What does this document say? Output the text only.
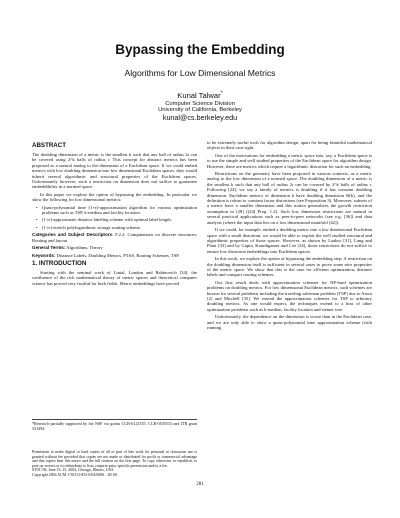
Bypassing the Embedding
Algorithms for Low Dimensional Metrics
Kunal Talwar*
Computer Science Division
University of California, Berkeley
kunal@cs.berkeley.edu
ABSTRACT

The doubling dimension of a metric is the smallest k such that any ball of radius 2r can be covered using 2^k balls of radius r. This concept for abstract metrics has been proposed as a natural analog to the dimension of a Euclidean space. If we could embed metrics with low doubling dimension into low dimensional Euclidean spaces, they would inherit several algorithmic and structural properties of the Euclidean spaces. Unfortunately however, such a restriction on dimension does not suffice to guarantee embeddibility in a normed space.

In this paper we explore the option of bypassing the embedding. In particular we show the following for low dimensional metrics:

• Quasi-polynomial time (1+ε)-approximation algorithm for various optimization problems such as TSP, k-median and facility location.
• (1+ε)-approximate distance labeling scheme with optimal label length.
• (1+ε)-stretch polylogarithmic storage routing scheme.

Categories and Subject Descriptors: F.2.2: Computations on discrete structures; Routing and layout

General Terms: Algorithms, Theory

Keywords: Distance Labels, Doubling Metrics, PTAS, Routing Schemes, TSP.

1. INTRODUCTION

Starting with the seminal work of Linial, London and Rabinovich [34], the confluence of the rich mathematical theory of metric spaces and theoretical computer science has proved very fruitful for both fields. Metric embeddings have proved

*Research partially supported by the NSF via grants CCR-0121555, CCR-0105533 and ITR grant 331494.
Permission to make digital or hard copies of all or part of this work for personal or classroom use is granted without fee provided that copies are not made or distributed for profit or commercial advantage and that copies bear this notice and the full citation on the first page. To copy otherwise, to republish, to post on servers or to redistribute to lists, requires prior specific permission and/or a fee.
STOC'04, June 13–15, 2004, Chicago, Illinois, USA.
Copyright 2004 ACM 1-58113-852-0/04/0006 ...$5.00.

to be extremely useful tools for algorithm design, apart for being beautiful mathematical objects in their own right.

One of the motivations for embedding a metric space into, say, a Euclidean space is to use the simple and well studied properties of the Euclidean space for algorithm design. However, there are metrics which require a logarithmic distortion for such an embedding.

Restrictions on the geometry have been proposed in various contexts, as a metric analog to the low dimension of a normed space. The doubling dimension of a metric is the smallest k such that any ball of radius 2r can be covered by 2^k balls of radius r. Following [24], we say a family of metrics is doubling if it has constant doubling dimension. Euclidean metrics of dimension k have doubling dimension Θ(k), and the definition is robust to constant factor distortions (see Proposition 3). Moreover, subsets of a metric have a smaller dimension and this notion generalizes the growth restriction assumption in [28] ([24] Prop. 1.2). Such low dimension restrictions are natural in several practical applications such as peer-to-peer networks (see e.g. [36]) and data analysis (where the input data lies on a low dimensional manifold [42]).

If we could, for example, embed a doubling metric into a low dimensional Euclidean space with a small distortion, we would be able to exploit the well studied structural and algorithmic properties of those spaces. However, as shown by Laakso [31], Lang and Plaut [33] and by Gupta, Krauthgamer and Lee [24], those restrictions do not suffice to ensure low distortion embeddings into Euclidean spaces.

In this work, we explore the option of bypassing the embedding step. A restriction on the doubling dimension itself is sufficient in several cases to prove some nice properties of the metric space. We show that this is the case for efficient optimization, distance labels and compact routing schemes.

Our first result deals with approximation schemes for NP-hard optimization problems on doubling metrics. For low dimensional Euclidean metrics, such schemes are known for several problems including the traveling salesman problem (TSP) due to Arora [2] and Mitchell [35]. We extend the approximation schemes for TSP to arbitrary doubling metrics. As one would expect, the techniques extend to a host of other optimization problems such as k-median, facility location and steiner tree.

Unfortunately, the dependence on the dimension is worse than in the Euclidean case, and we are only able to show a quasi-polynomial time approximation scheme (with running

281
